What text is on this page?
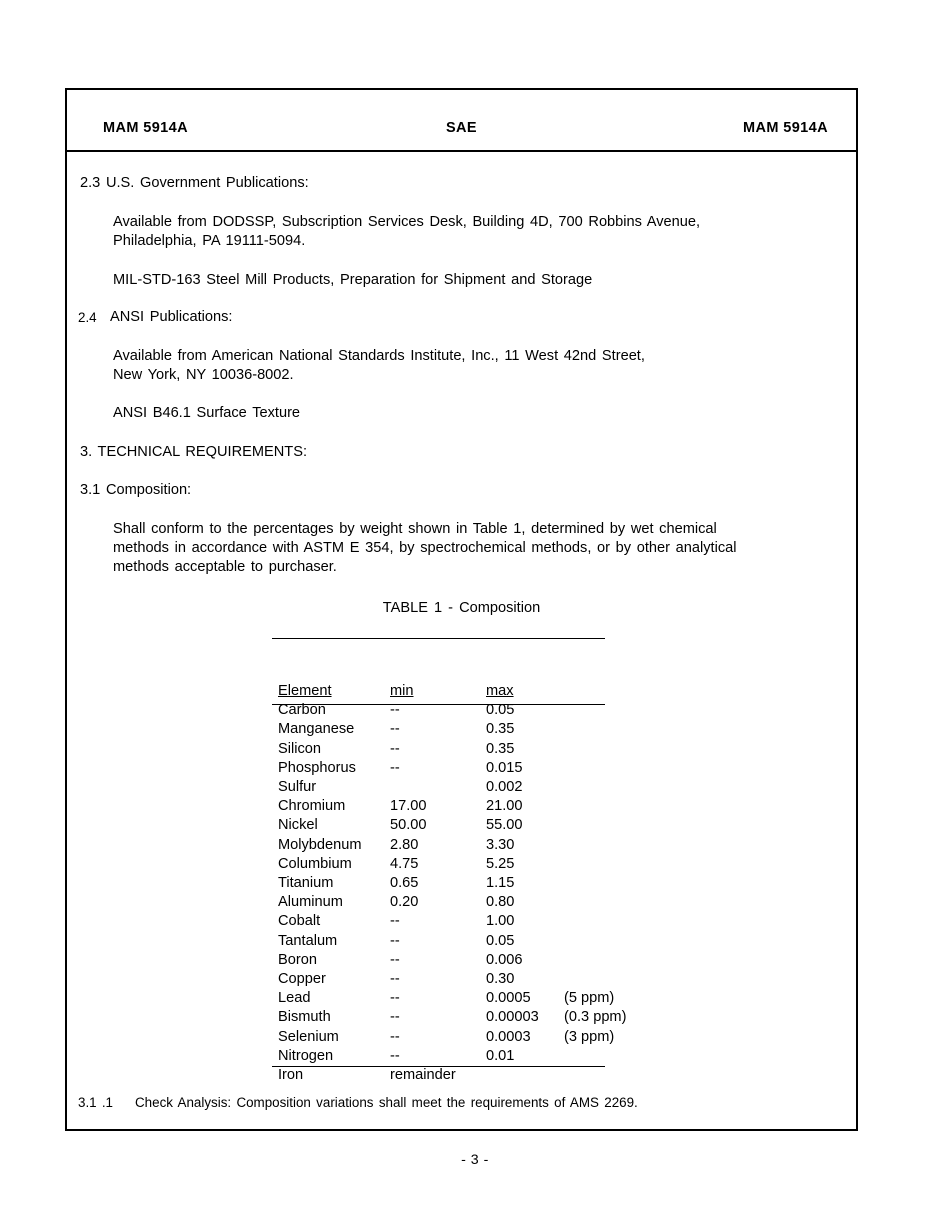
MAM 5914A	SAE	MAM 5914A
2.3 U.S. Government Publications:
Available from DODSSP, Subscription Services Desk, Building 4D, 700 Robbins Avenue,
Philadelphia, PA 19111-5094.
MIL-STD-163 Steel Mill Products, Preparation for Shipment and Storage
2.4 ANSI Publications:
Available from American National Standards Institute, Inc., 11 West 42nd Street,
New York, NY 10036-8002.
ANSI B46.1 Surface Texture
3. TECHNICAL REQUIREMENTS:
3.1 Composition:
Shall conform to the percentages by weight shown in Table 1, determined by wet chemical
methods in accordance with ASTM E 354, by spectrochemical methods, or by other analytical
methods acceptable to purchaser.
TABLE 1 - Composition
Element	min	max	
Carbon	--	0.05	
Manganese	--	0.35	
Silicon	--	0.35	
Phosphorus	--	0.015	
Sulfur		0.002	
Chromium	17.00	21.00	
Nickel	50.00	55.00	
Molybdenum	2.80	3.30	
Columbium	4.75	5.25	
Titanium	0.65	1.15	
Aluminum	0.20	0.80	
Cobalt	--	1.00	
Tantalum	--	0.05	
Boron	--	0.006	
Copper	--	0.30	
Lead	--	0.0005	(5 ppm)
Bismuth	--	0.00003	(0.3 ppm)
Selenium	--	0.0003	(3 ppm)
Nitrogen	--	0.01	
Iron	remainder		
3.1 .1 Check Analysis: Composition variations shall meet the requirements of AMS 2269.
- 3 -
